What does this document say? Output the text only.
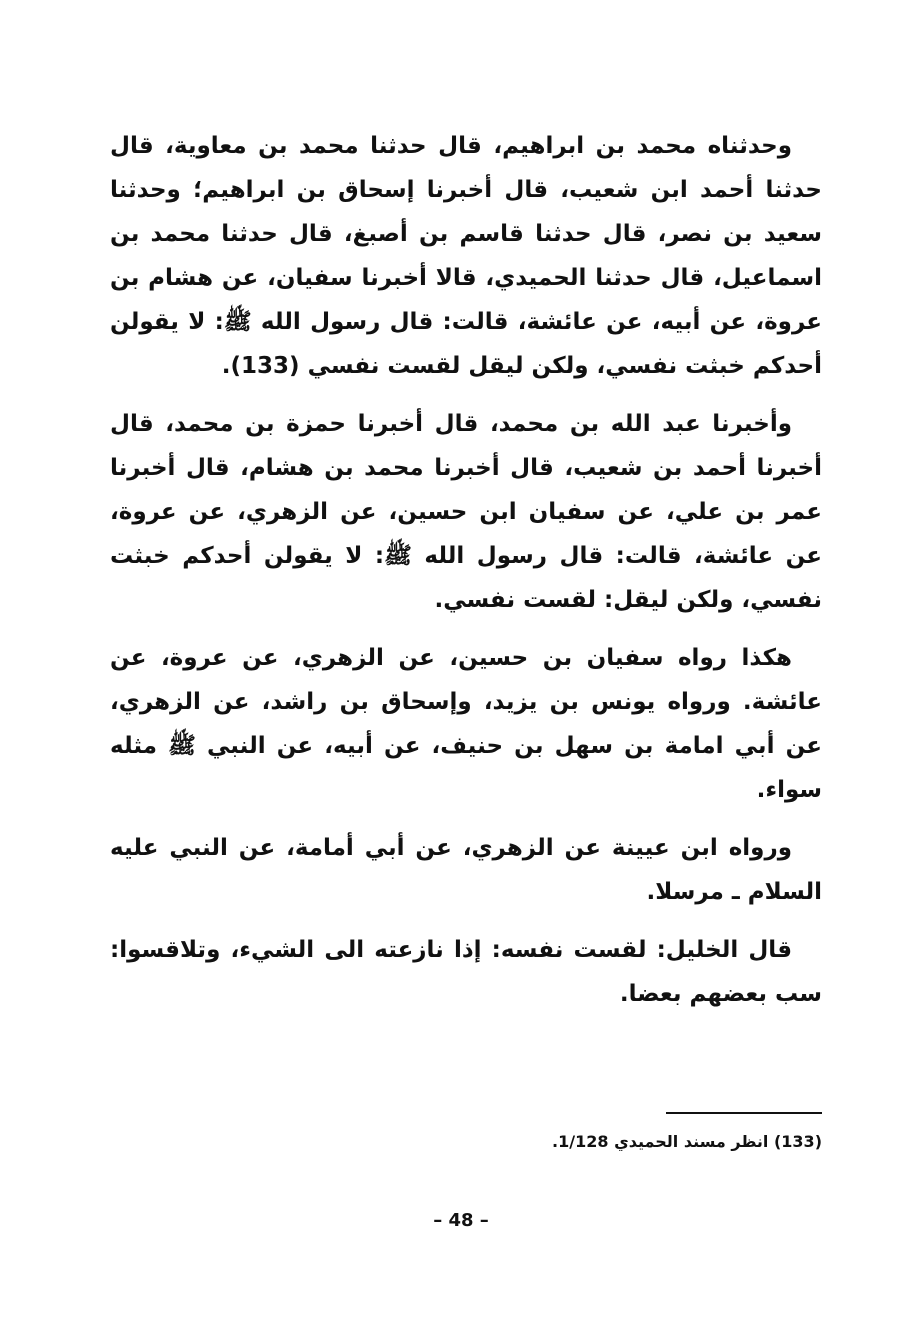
وحدثناه محمد بن ابراهيم، قال حدثنا محمد بن معاوية، قال حدثنا أحمد ابن شعيب، قال أخبرنا إسحاق بن ابراهيم؛ وحدثنا سعيد بن نصر، قال حدثنا قاسم بن أصبغ، قال حدثنا محمد بن اسماعيل، قال حدثنا الحميدي، قالا أخبرنا سفيان، عن هشام بن عروة، عن أبيه، عن عائشة، قالت: قال رسول الله ﷺ: لا يقولن أحدكم خبثت نفسي، ولكن ليقل لقست نفسي (133).

وأخبرنا عبد الله بن محمد، قال أخبرنا حمزة بن محمد، قال أخبرنا أحمد بن شعيب، قال أخبرنا محمد بن هشام، قال أخبرنا عمر بن علي، عن سفيان ابن حسين، عن الزهري، عن عروة، عن عائشة، قالت: قال رسول الله ﷺ: لا يقولن أحدكم خبثت نفسي، ولكن ليقل: لقست نفسي.

هكذا رواه سفيان بن حسين، عن الزهري، عن عروة، عن عائشة. ورواه يونس بن يزيد، وإسحاق بن راشد، عن الزهري، عن أبي امامة بن سهل بن حنيف، عن أبيه، عن النبي ﷺ مثله سواء.

ورواه ابن عيينة عن الزهري، عن أبي أمامة، عن النبي عليه السلام ـ مرسلا.

قال الخليل: لقست نفسه: إذا نازعته الى الشيء، وتلاقسوا: سب بعضهم بعضا.

(133) انظر مسند الحميدي 1/128.
– 48 –
